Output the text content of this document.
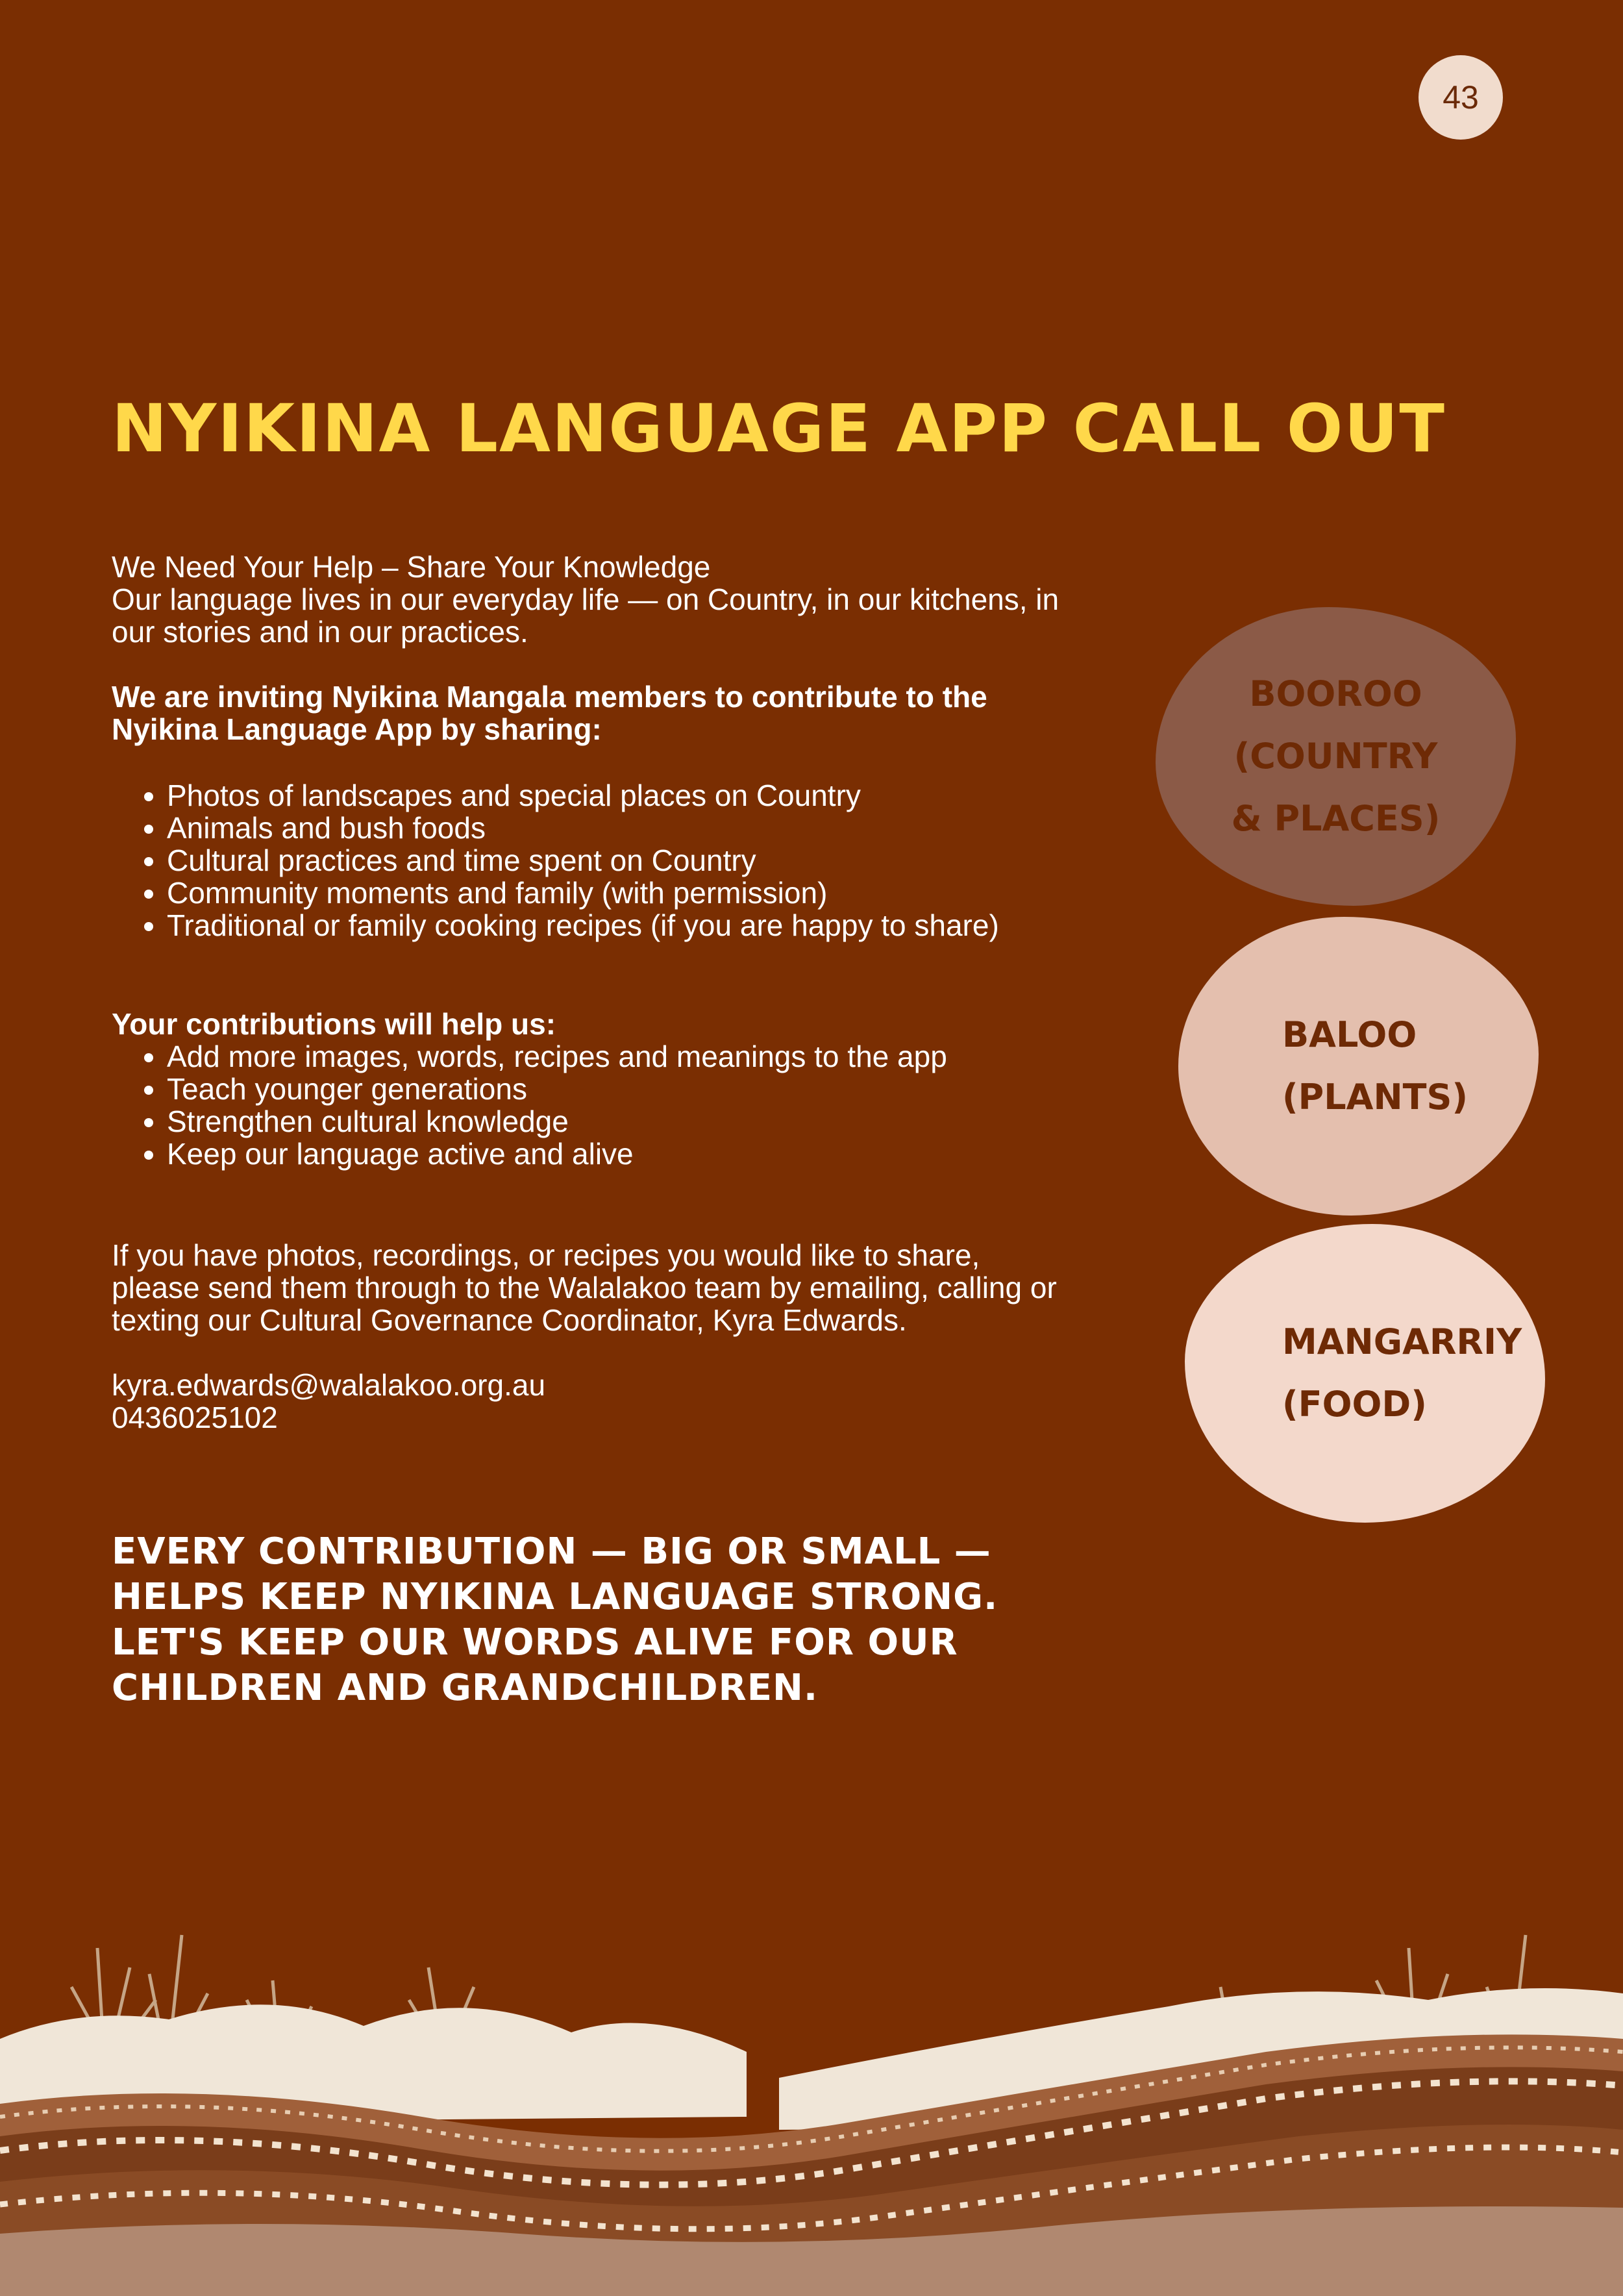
43
NYIKINA LANGUAGE APP CALL OUT

We Need Your Help – Share Your Knowledge

Our language lives in our everyday life — on Country, in our kitchens, in our stories and in our practices.

We are inviting Nyikina Mangala members to contribute to the Nyikina Language App by sharing:

• Photos of landscapes and special places on Country
• Animals and bush foods
• Cultural practices and time spent on Country
• Community moments and family (with permission)
• Traditional or family cooking recipes (if you are happy to share)

Your contributions will help us:

• Add more images, words, recipes and meanings to the app
• Teach younger generations
• Strengthen cultural knowledge
• Keep our language active and alive

If you have photos, recordings, or recipes you would like to share, please send them through to the Walalakoo team by emailing, calling or texting our Cultural Governance Coordinator, Kyra Edwards.

kyra.edwards@walalakoo.org.au

0436025102

EVERY CONTRIBUTION — BIG OR SMALL — HELPS KEEP NYIKINA LANGUAGE STRONG. LET'S KEEP OUR WORDS ALIVE FOR OUR CHILDREN AND GRANDCHILDREN.

BOOROO
(COUNTRY
& PLACES)
BALOO
(PLANTS)
MANGARRIY
(FOOD)
